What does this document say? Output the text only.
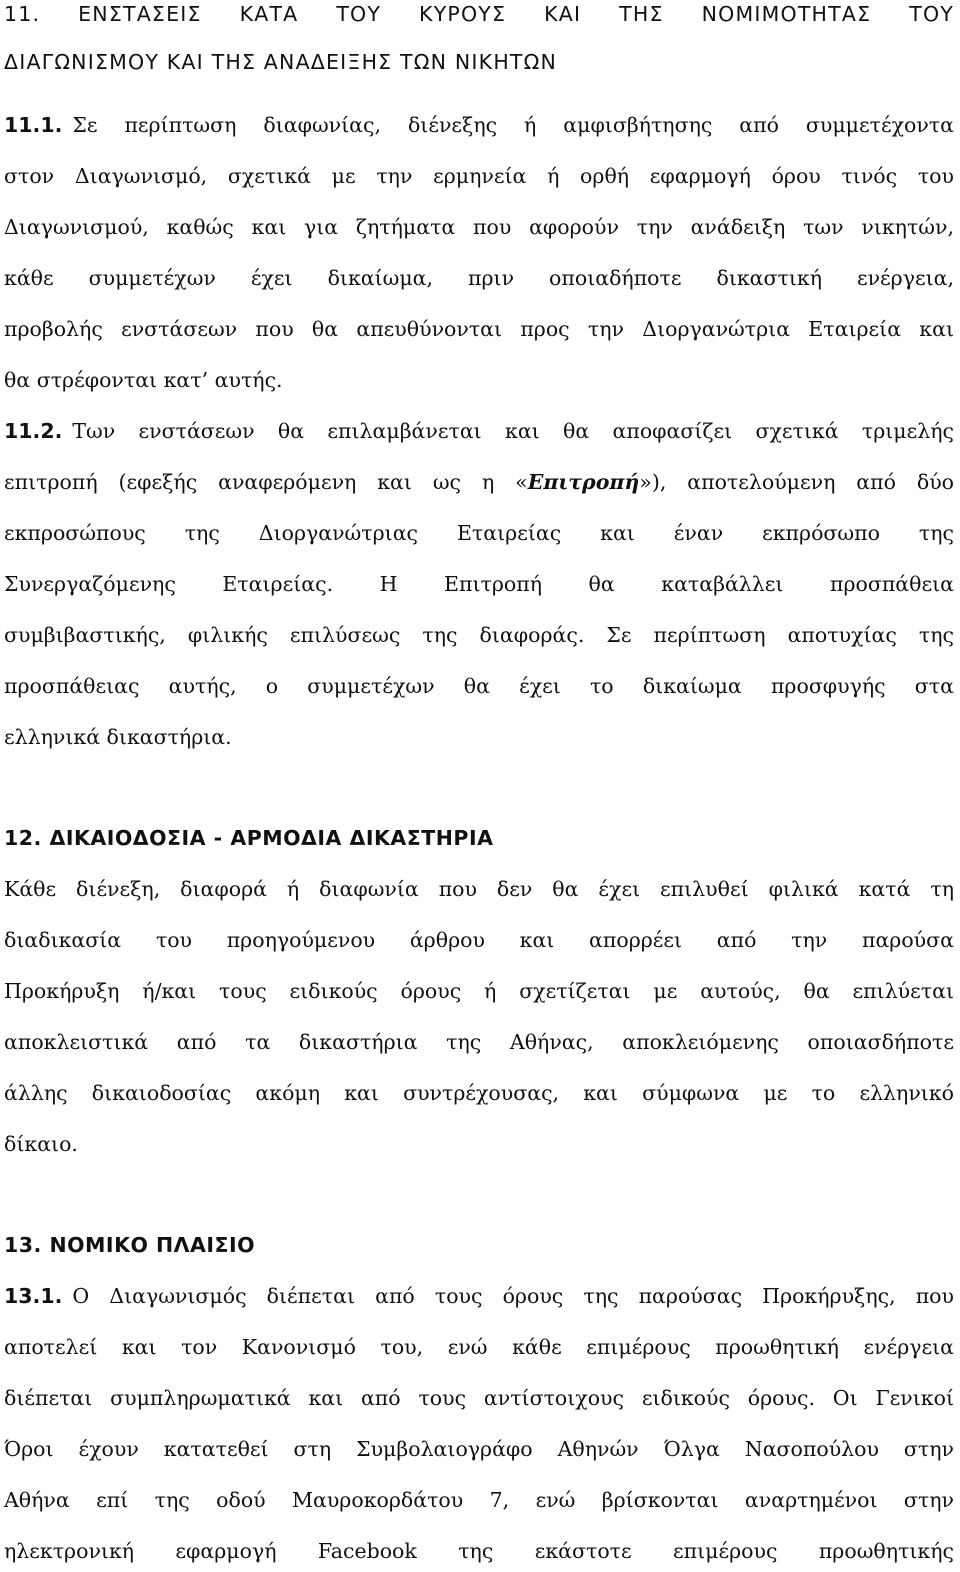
11. ΕΝΣΤΑΣΕΙΣ ΚΑΤΑ ΤΟΥ ΚΥΡΟΥΣ ΚΑΙ ΤΗΣ ΝΟΜΙΜΟΤΗΤΑΣ ΤΟΥ
ΔΙΑΓΩΝΙΣΜΟΥ ΚΑΙ ΤΗΣ ΑΝΑΔΕΙΞΗΣ ΤΩΝ ΝΙΚΗΤΩΝ
11.1. Σε περίπτωση διαφωνίας, διένεξης ή αμφισβήτησης από συμμετέχοντα
στον Διαγωνισμό, σχετικά με την ερμηνεία ή ορθή εφαρμογή όρου τινός του
Διαγωνισμού, καθώς και για ζητήματα που αφορούν την ανάδειξη των νικητών,
κάθε συμμετέχων έχει δικαίωμα, πριν οποιαδήποτε δικαστική ενέργεια,
προβολής ενστάσεων που θα απευθύνονται προς την Διοργανώτρια Εταιρεία και
θα στρέφονται κατ’ αυτής.
11.2. Των ενστάσεων θα επιλαμβάνεται και θα αποφασίζει σχετικά τριμελής
επιτροπή (εφεξής αναφερόμενη και ως η «Επιτροπή»), αποτελούμενη από δύο
εκπροσώπους της Διοργανώτριας Εταιρείας και έναν εκπρόσωπο της
Συνεργαζόμενης Εταιρείας. Η Επιτροπή θα καταβάλλει προσπάθεια
συμβιβαστικής, φιλικής επιλύσεως της διαφοράς. Σε περίπτωση αποτυχίας της
προσπάθειας αυτής, ο συμμετέχων θα έχει το δικαίωμα προσφυγής στα
ελληνικά δικαστήρια.
12. ΔΙΚΑΙΟΔΟΣΙΑ - ΑΡΜΟΔΙΑ ΔΙΚΑΣΤΗΡΙΑ
Κάθε διένεξη, διαφορά ή διαφωνία που δεν θα έχει επιλυθεί φιλικά κατά τη
διαδικασία του προηγούμενου άρθρου και απορρέει από την παρούσα
Προκήρυξη ή/και τους ειδικούς όρους ή σχετίζεται με αυτούς, θα επιλύεται
αποκλειστικά από τα δικαστήρια της Αθήνας, αποκλειόμενης οποιασδήποτε
άλλης δικαιοδοσίας ακόμη και συντρέχουσας, και σύμφωνα με το ελληνικό
δίκαιο.
13. ΝΟΜΙΚΟ ΠΛΑΙΣΙΟ
13.1. Ο Διαγωνισμός διέπεται από τους όρους της παρούσας Προκήρυξης, που
αποτελεί και τον Κανονισμό του, ενώ κάθε επιμέρους προωθητική ενέργεια
διέπεται συμπληρωματικά και από τους αντίστοιχους ειδικούς όρους. Οι Γενικοί
Όροι έχουν κατατεθεί στη Συμβολαιογράφο Αθηνών Όλγα Νασοπούλου στην
Αθήνα επί της οδού Μαυροκορδάτου 7, ενώ βρίσκονται αναρτημένοι στην
ηλεκτρονική εφαρμογή Facebook της εκάστοτε επιμέρους προωθητικής
